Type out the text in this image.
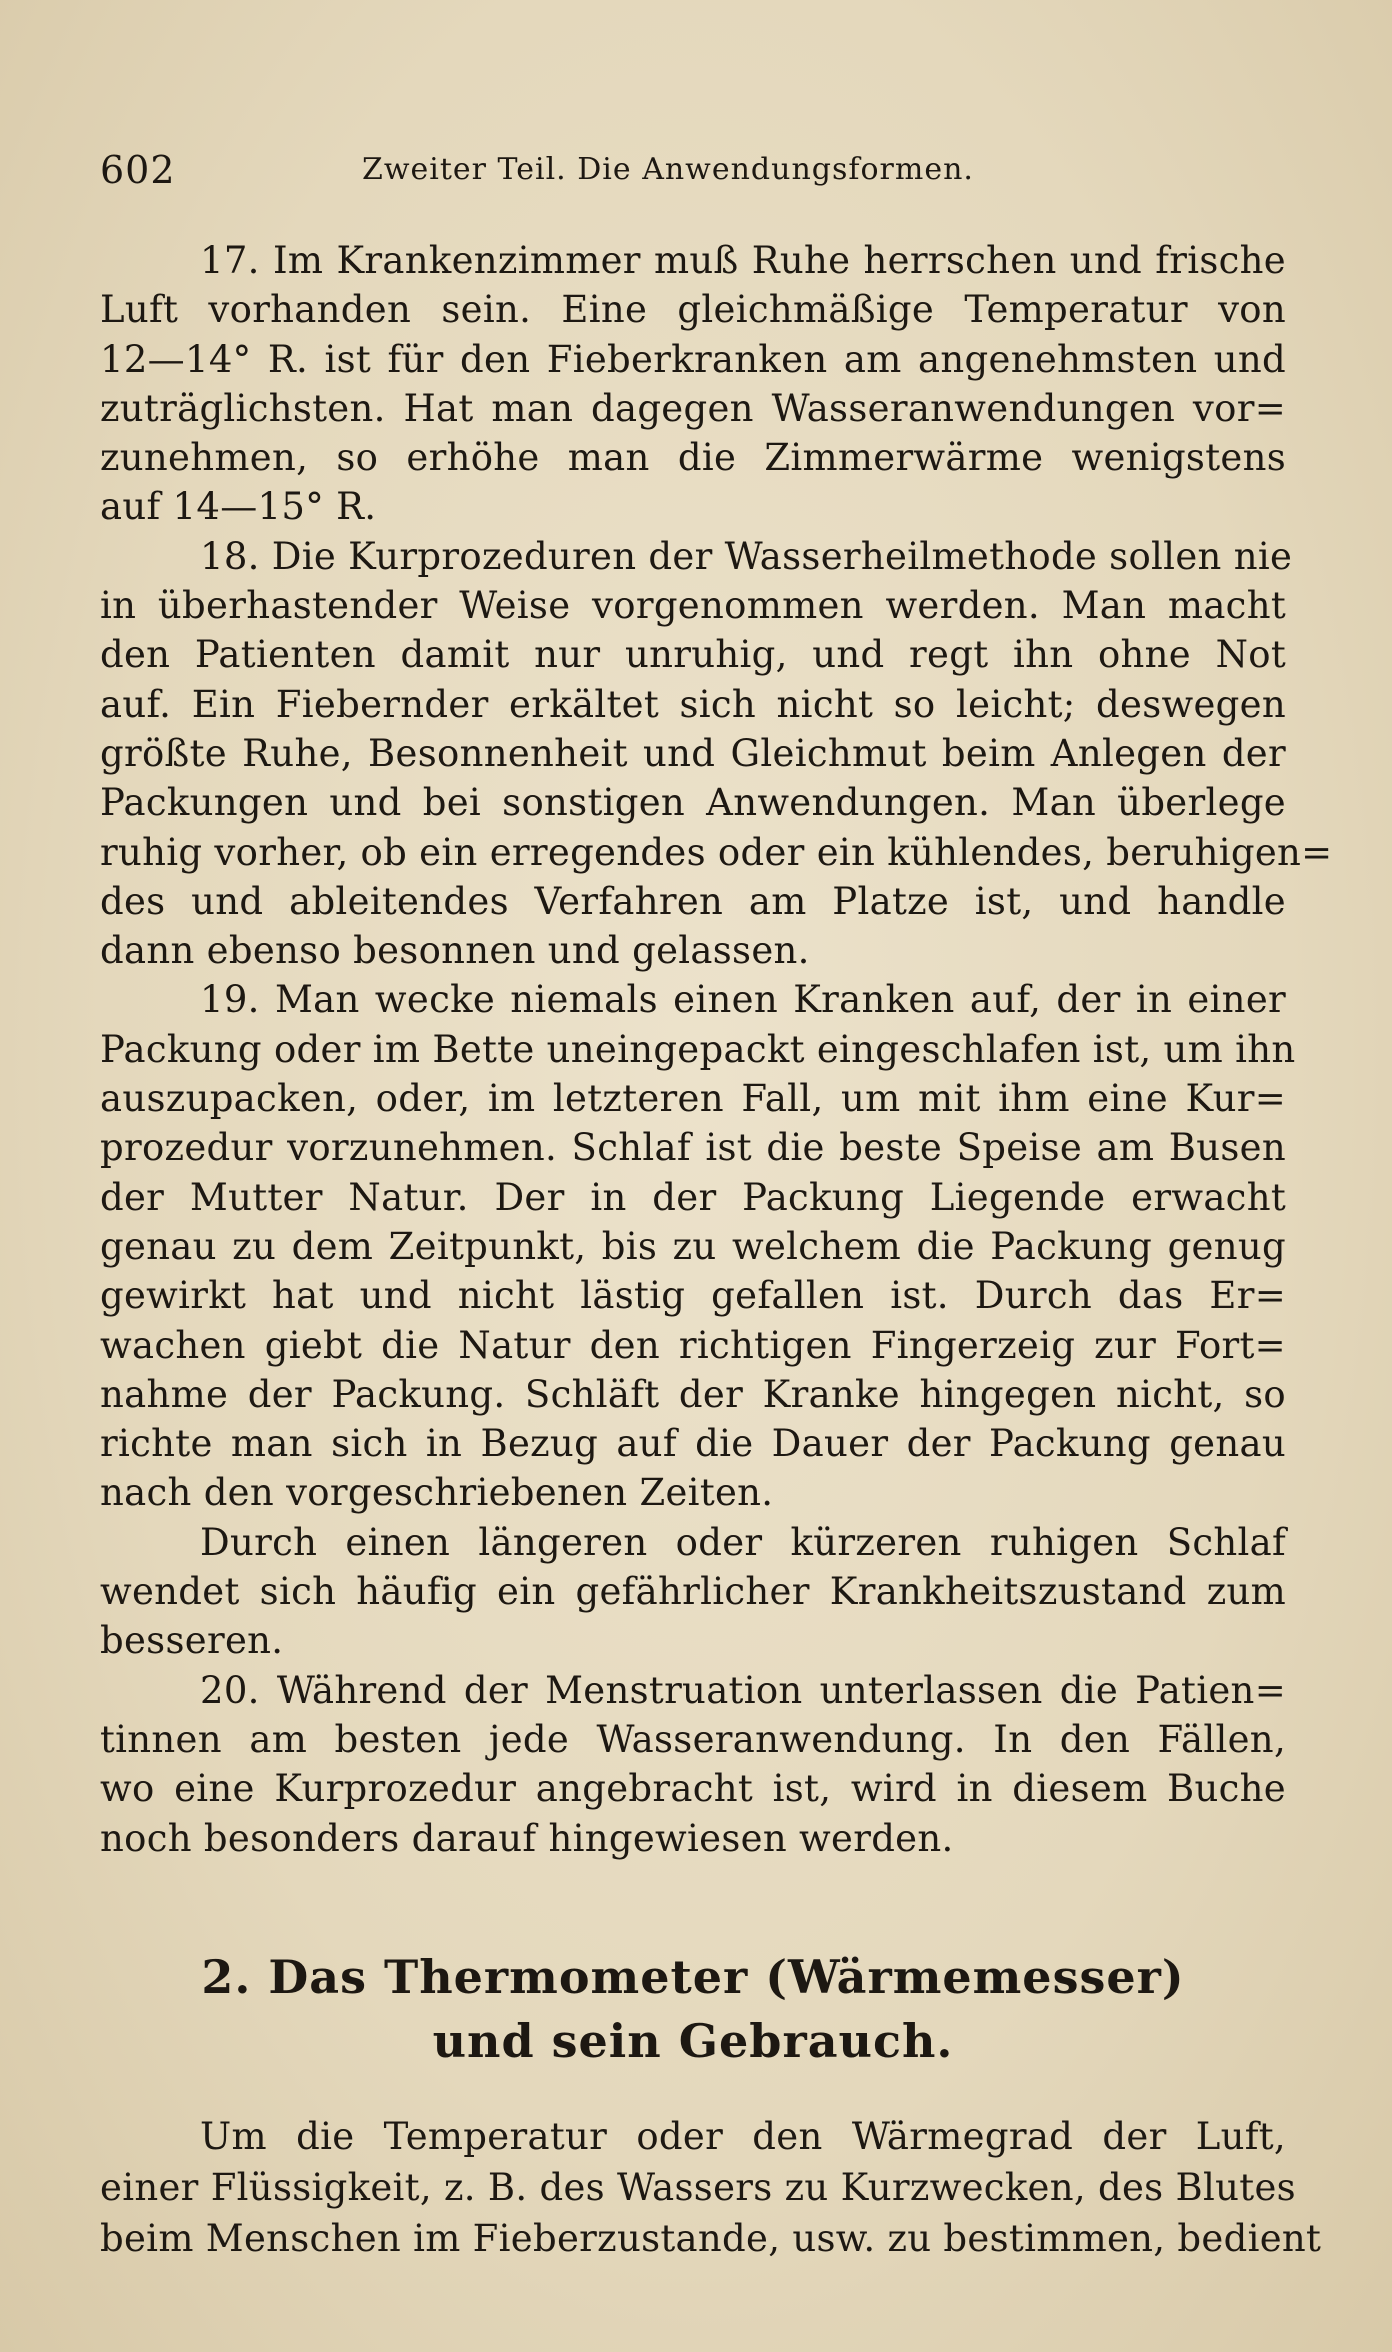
602	Zweiter Teil. Die Anwendungsformen.
17. Im Krankenzimmer muß Ruhe herrschen und frische
Luft vorhanden sein. Eine gleichmäßige Temperatur von
12—14° R. ist für den Fieberkranken am angenehmsten und
zuträglichsten. Hat man dagegen Wasseranwendungen vor=
zunehmen, so erhöhe man die Zimmerwärme wenigstens
auf 14—15° R.
18. Die Kurprozeduren der Wasserheilmethode sollen nie
in überhastender Weise vorgenommen werden. Man macht
den Patienten damit nur unruhig, und regt ihn ohne Not
auf. Ein Fiebernder erkältet sich nicht so leicht; deswegen
größte Ruhe, Besonnenheit und Gleichmut beim Anlegen der
Packungen und bei sonstigen Anwendungen. Man überlege
ruhig vorher, ob ein erregendes oder ein kühlendes, beruhigen=
des und ableitendes Verfahren am Platze ist, und handle
dann ebenso besonnen und gelassen.
19. Man wecke niemals einen Kranken auf, der in einer
Packung oder im Bette uneingepackt eingeschlafen ist, um ihn
auszupacken, oder, im letzteren Fall, um mit ihm eine Kur=
prozedur vorzunehmen. Schlaf ist die beste Speise am Busen
der Mutter Natur. Der in der Packung Liegende erwacht
genau zu dem Zeitpunkt, bis zu welchem die Packung genug
gewirkt hat und nicht lästig gefallen ist. Durch das Er=
wachen giebt die Natur den richtigen Fingerzeig zur Fort=
nahme der Packung. Schläft der Kranke hingegen nicht, so
richte man sich in Bezug auf die Dauer der Packung genau
nach den vorgeschriebenen Zeiten.
Durch einen längeren oder kürzeren ruhigen Schlaf
wendet sich häufig ein gefährlicher Krankheitszustand zum
besseren.
20. Während der Menstruation unterlassen die Patien=
tinnen am besten jede Wasseranwendung. In den Fällen,
wo eine Kurprozedur angebracht ist, wird in diesem Buche
noch besonders darauf hingewiesen werden.
2. Das Thermometer (Wärmemesser)
und sein Gebrauch.
Um die Temperatur oder den Wärmegrad der Luft,
einer Flüssigkeit, z. B. des Wassers zu Kurzwecken, des Blutes
beim Menschen im Fieberzustande, usw. zu bestimmen, bedient
